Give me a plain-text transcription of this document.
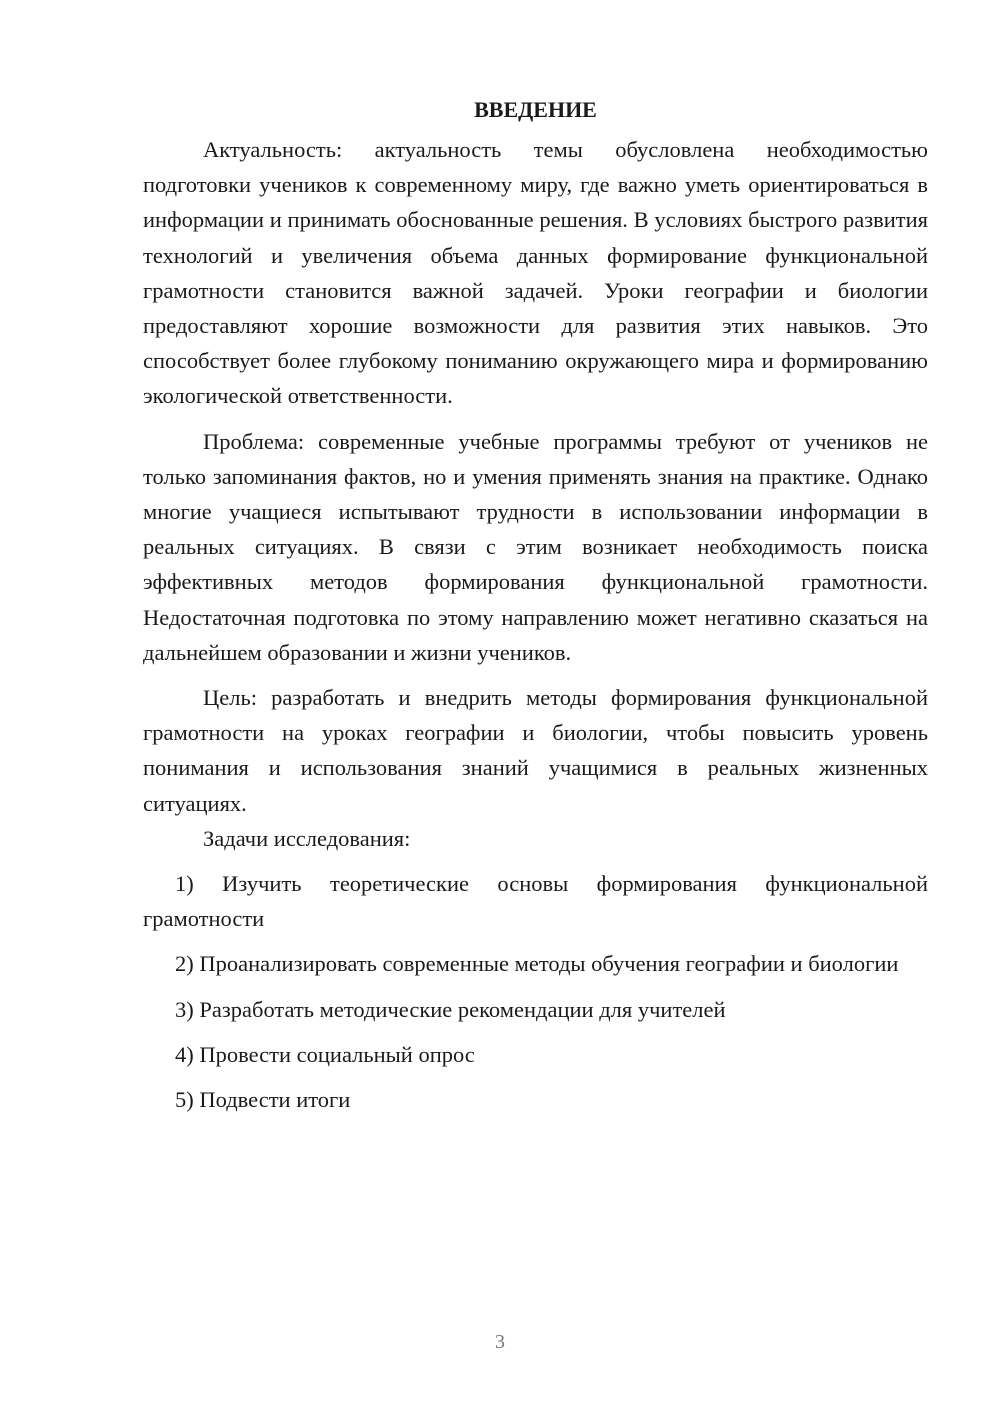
ВВЕДЕНИЕ

Актуальность: актуальность темы обусловлена необходимостью подготовки учеников к современному миру, где важно уметь ориентироваться в информации и принимать обоснованные решения. В условиях быстрого развития технологий и увеличения объема данных формирование функциональной грамотности становится важной задачей. Уроки географии и биологии предоставляют хорошие возможности для развития этих навыков. Это способствует более глубокому пониманию окружающего мира и формированию экологической ответственности.

Проблема: современные учебные программы требуют от учеников не только запоминания фактов, но и умения применять знания на практике. Однако многие учащиеся испытывают трудности в использовании информации в реальных ситуациях. В связи с этим возникает необходимость поиска эффективных методов формирования функциональной грамотности. Недостаточная подготовка по этому направлению может негативно сказаться на дальнейшем образовании и жизни учеников.

Цель: разработать и внедрить методы формирования функциональной грамотности на уроках географии и биологии, чтобы повысить уровень понимания и использования знаний учащимися в реальных жизненных ситуациях.

Задачи исследования:

1) Изучить теоретические основы формирования функциональной грамотности

2) Проанализировать современные методы обучения географии и биологии

3) Разработать методические рекомендации для учителей

4) Провести социальный опрос

5) Подвести итоги

3
